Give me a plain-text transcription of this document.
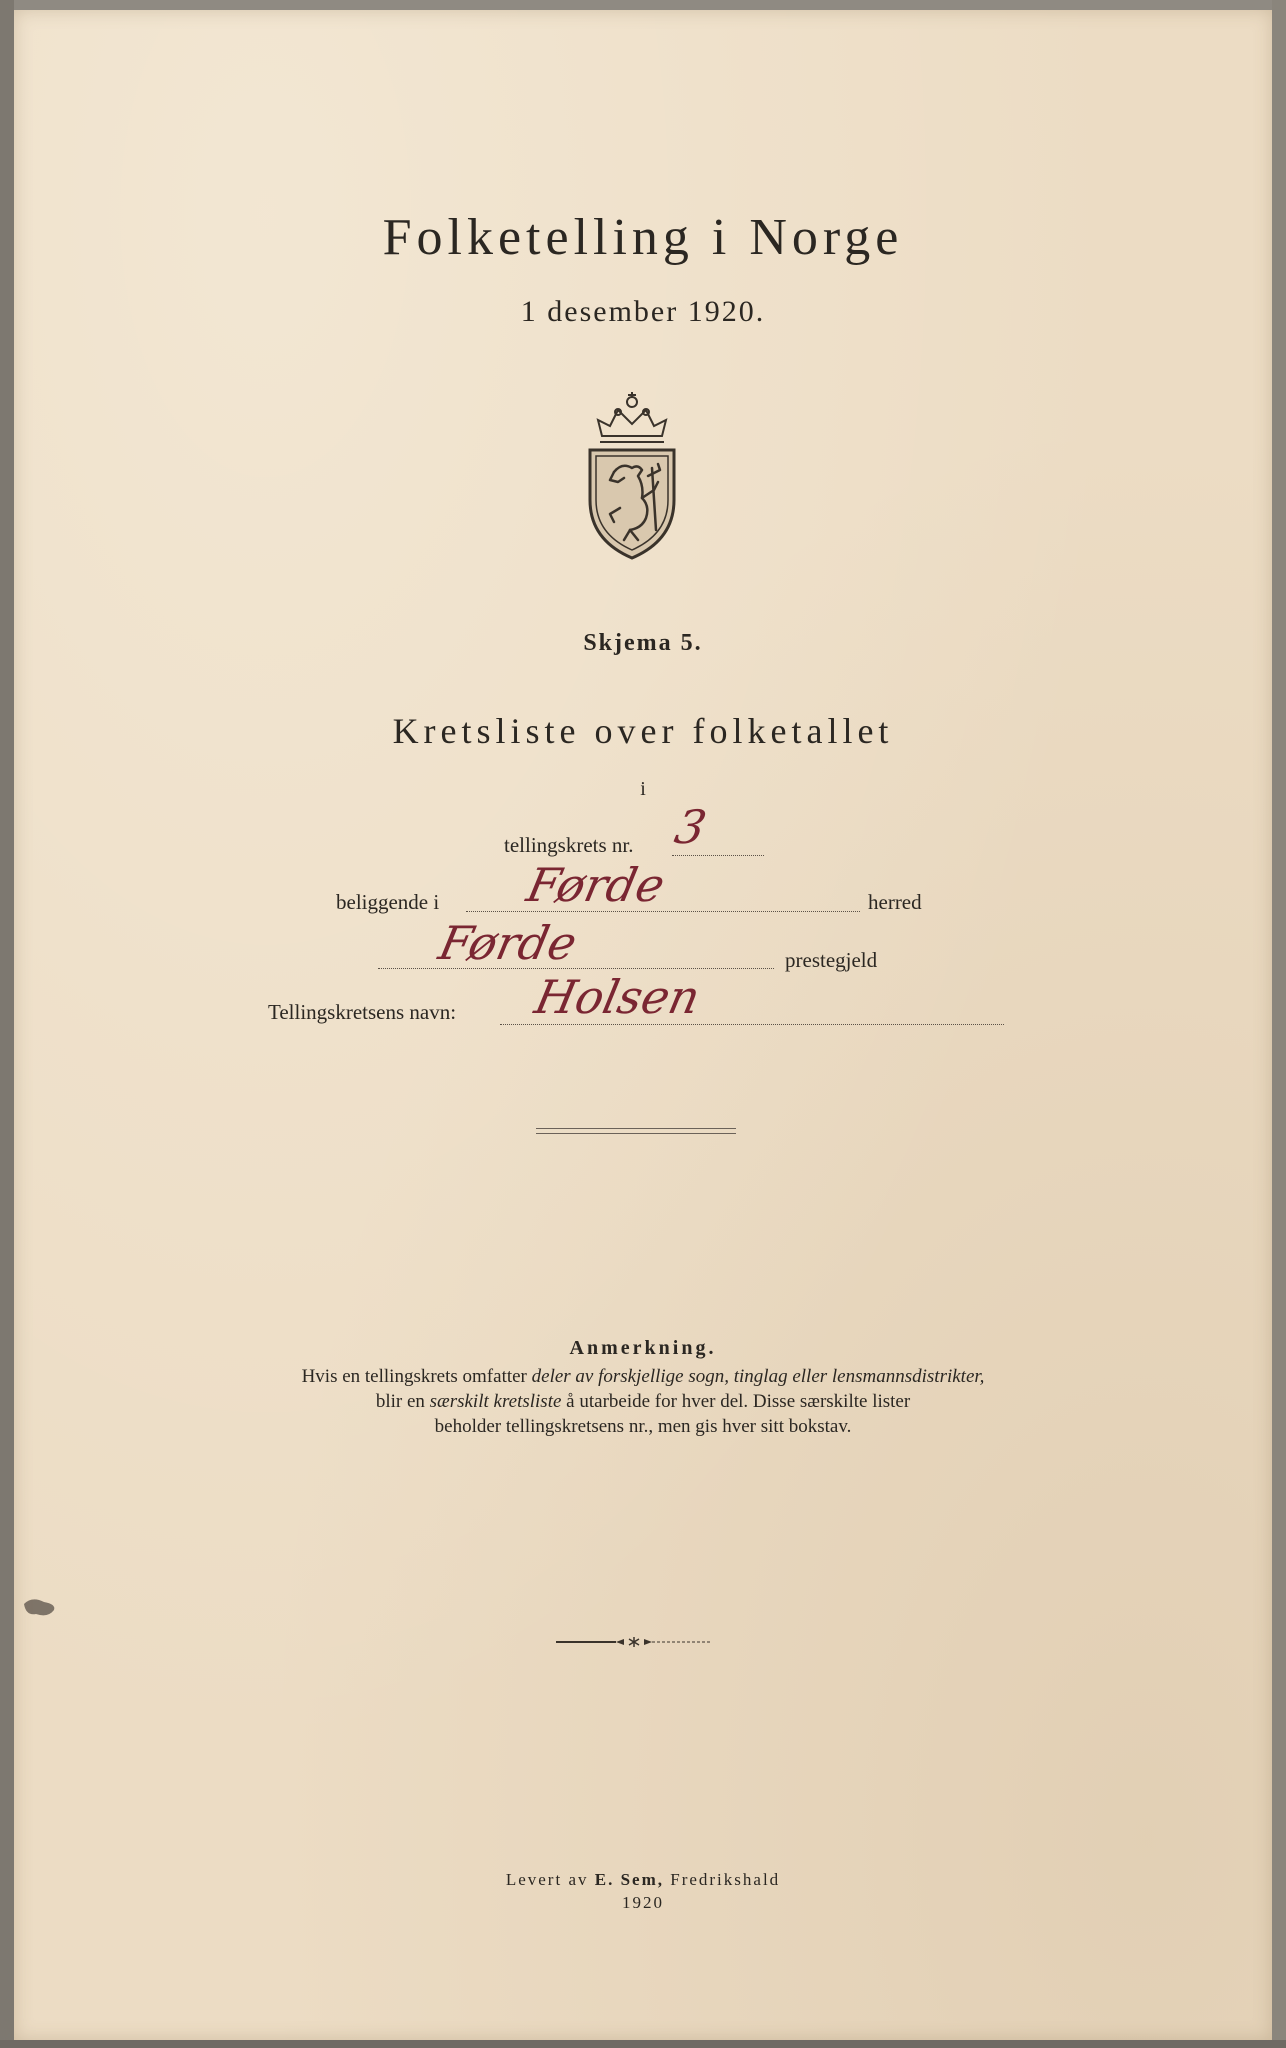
Folketelling i Norge
1 desember 1920.
Skjema 5.
Kretsliste over folketallet
i
tellingskrets nr. 3
beliggende i Førde	herred
Førde	prestegjeld
Tellingskretsens navn: Holsen
Anmerkning.
Hvis en tellingskrets omfatter deler av forskjellige sogn, tinglag eller lensmannsdistrikter,
blir en særskilt kretsliste å utarbeide for hver del. Disse særskilte lister
beholder tellingskretsens nr., men gis hver sitt bokstav.
Levert av E. Sem, Fredrikshald
1920
